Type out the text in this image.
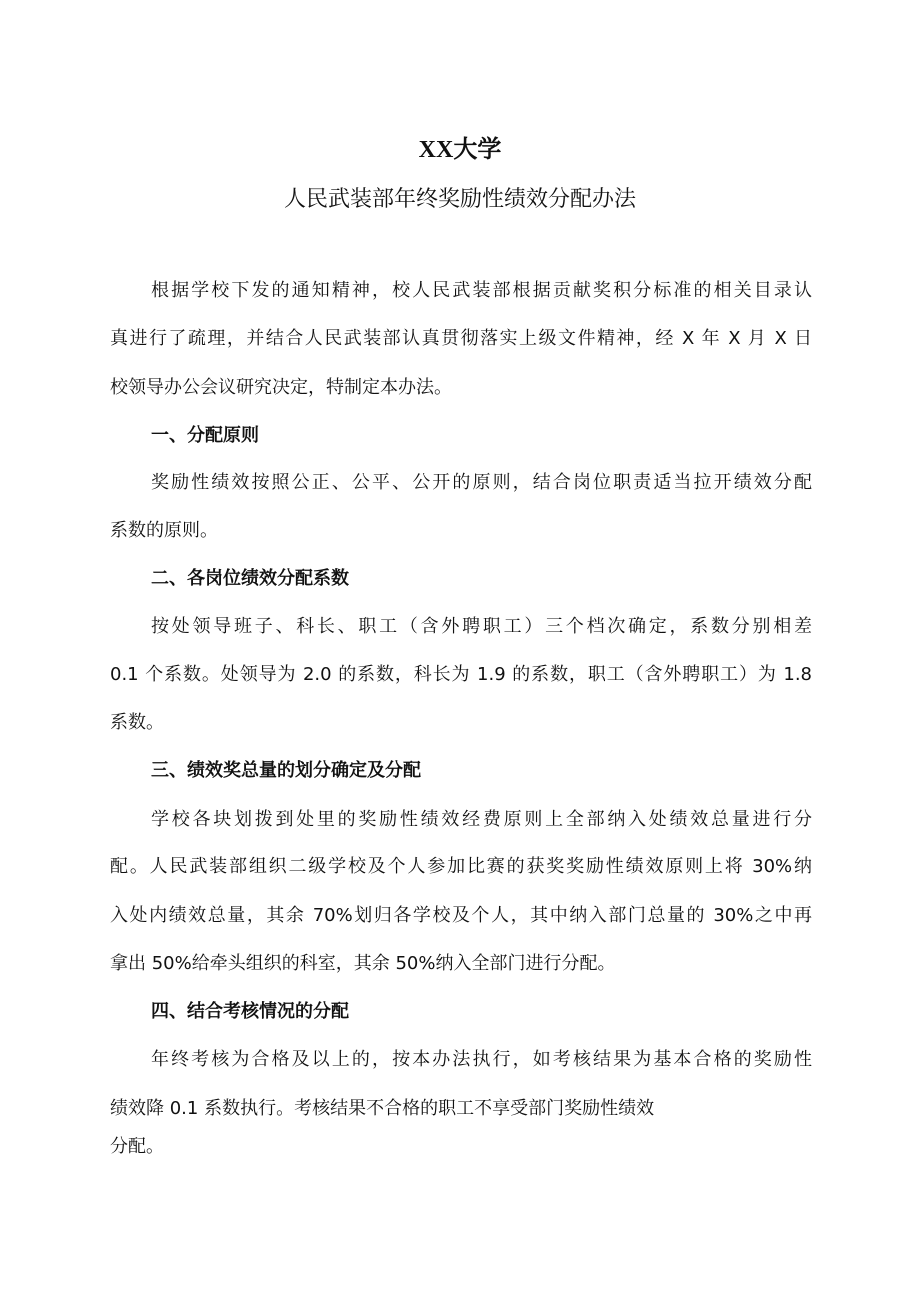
XX大学
人民武装部年终奖励性绩效分配办法
根据学校下发的通知精神，校人民武装部根据贡献奖积分标准的相关目录认
真进行了疏理，并结合人民武装部认真贯彻落实上级文件精神，经 X 年 X 月 X 日
校领导办公会议研究决定，特制定本办法。
一、分配原则
奖励性绩效按照公正、公平、公开的原则，结合岗位职责适当拉开绩效分配
系数的原则。
二、各岗位绩效分配系数
按处领导班子、科长、职工（含外聘职工）三个档次确定，系数分别相差
0.1 个系数。处领导为 2.0 的系数，科长为 1.9 的系数，职工（含外聘职工）为 1.8
系数。
三、绩效奖总量的划分确定及分配
学校各块划拨到处里的奖励性绩效经费原则上全部纳入处绩效总量进行分
配。人民武装部组织二级学校及个人参加比赛的获奖奖励性绩效原则上将 30%纳
入处内绩效总量，其余 70%划归各学校及个人，其中纳入部门总量的 30%之中再
拿出 50%给牵头组织的科室，其余 50%纳入全部门进行分配。
四、结合考核情况的分配
年终考核为合格及以上的，按本办法执行，如考核结果为基本合格的奖励性
绩效降 0.1 系数执行。考核结果不合格的职工不享受部门奖励性绩效
分配。
